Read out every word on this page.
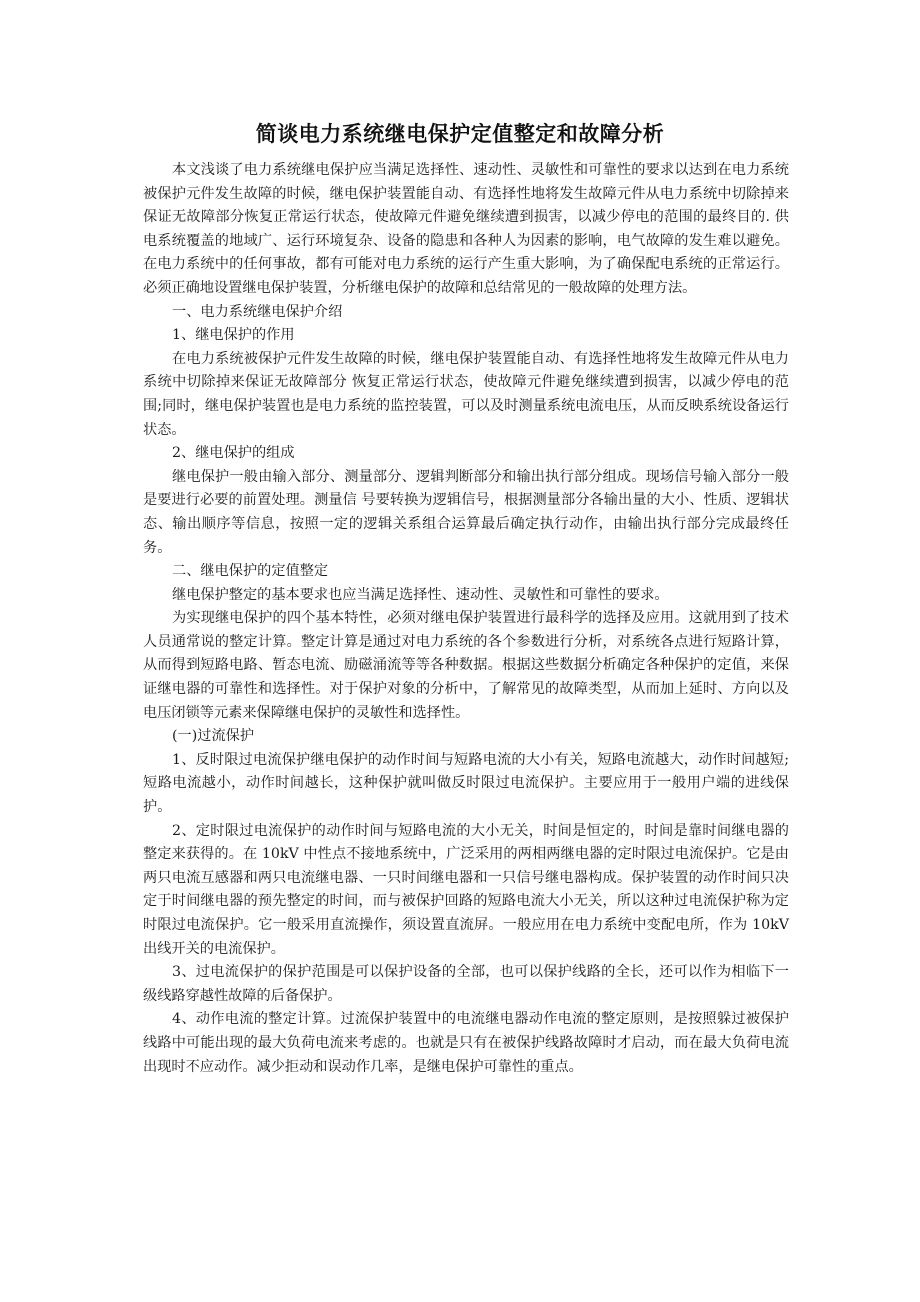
简谈电力系统继电保护定值整定和故障分析

本文浅谈了电力系统继电保护应当满足选择性、速动性、灵敏性和可靠性的要求以达到在电力系统被保护元件发生故障的时候，继电保护装置能自动、有选择性地将发生故障元件从电力系统中切除掉来保证无故障部分恢复正常运行状态，使故障元件避免继续遭到损害，以减少停电的范围的最终目的. 供电系统覆盖的地域广、运行环境复杂、设备的隐患和各种人为因素的影响，电气故障的发生难以避免。在电力系统中的任何事故，都有可能对电力系统的运行产生重大影响，为了确保配电系统的正常运行。必须正确地设置继电保护装置，分析继电保护的故障和总结常见的一般故障的处理方法。

一、电力系统继电保护介绍

1、继电保护的作用

在电力系统被保护元件发生故障的时候，继电保护装置能自动、有选择性地将发生故障元件从电力系统中切除掉来保证无故障部分 恢复正常运行状态，使故障元件避免继续遭到损害，以减少停电的范围;同时，继电保护装置也是电力系统的监控装置，可以及时测量系统电流电压，从而反映系统设备运行状态。

2、继电保护的组成

继电保护一般由输入部分、测量部分、逻辑判断部分和输出执行部分组成。现场信号输入部分一般是要进行必要的前置处理。测量信 号要转换为逻辑信号，根据测量部分各输出量的大小、性质、逻辑状态、输出顺序等信息，按照一定的逻辑关系组合运算最后确定执行动作，由输出执行部分完成最终任务。

二、继电保护的定值整定

继电保护整定的基本要求也应当满足选择性、速动性、灵敏性和可靠性的要求。

为实现继电保护的四个基本特性，必须对继电保护装置进行最科学的选择及应用。这就用到了技术人员通常说的整定计算。整定计算是通过对电力系统的各个参数进行分析，对系统各点进行短路计算，从而得到短路电路、暂态电流、励磁涌流等等各种数据。根据这些数据分析确定各种保护的定值，来保证继电器的可靠性和选择性。对于保护对象的分析中，了解常见的故障类型，从而加上延时、方向以及电压闭锁等元素来保障继电保护的灵敏性和选择性。

(一)过流保护

1、反时限过电流保护继电保护的动作时间与短路电流的大小有关，短路电流越大，动作时间越短; 短路电流越小，动作时间越长，这种保护就叫做反时限过电流保护。主要应用于一般用户端的进线保护。

2、定时限过电流保护的动作时间与短路电流的大小无关，时间是恒定的，时间是靠时间继电器的整定来获得的。在 10kV 中性点不接地系统中，广泛采用的两相两继电器的定时限过电流保护。它是由两只电流互感器和两只电流继电器、一只时间继电器和一只信号继电器构成。保护装置的动作时间只决定于时间继电器的预先整定的时间，而与被保护回路的短路电流大小无关，所以这种过电流保护称为定时限过电流保护。它一般采用直流操作，须设置直流屏。一般应用在电力系统中变配电所，作为 10kV 出线开关的电流保护。

3、过电流保护的保护范围是可以保护设备的全部，也可以保护线路的全长，还可以作为相临下一级线路穿越性故障的后备保护。

4、动作电流的整定计算。过流保护装置中的电流继电器动作电流的整定原则，是按照躲过被保护线路中可能出现的最大负荷电流来考虑的。也就是只有在被保护线路故障时才启动，而在最大负荷电流出现时不应动作。减少拒动和误动作几率，是继电保护可靠性的重点。
